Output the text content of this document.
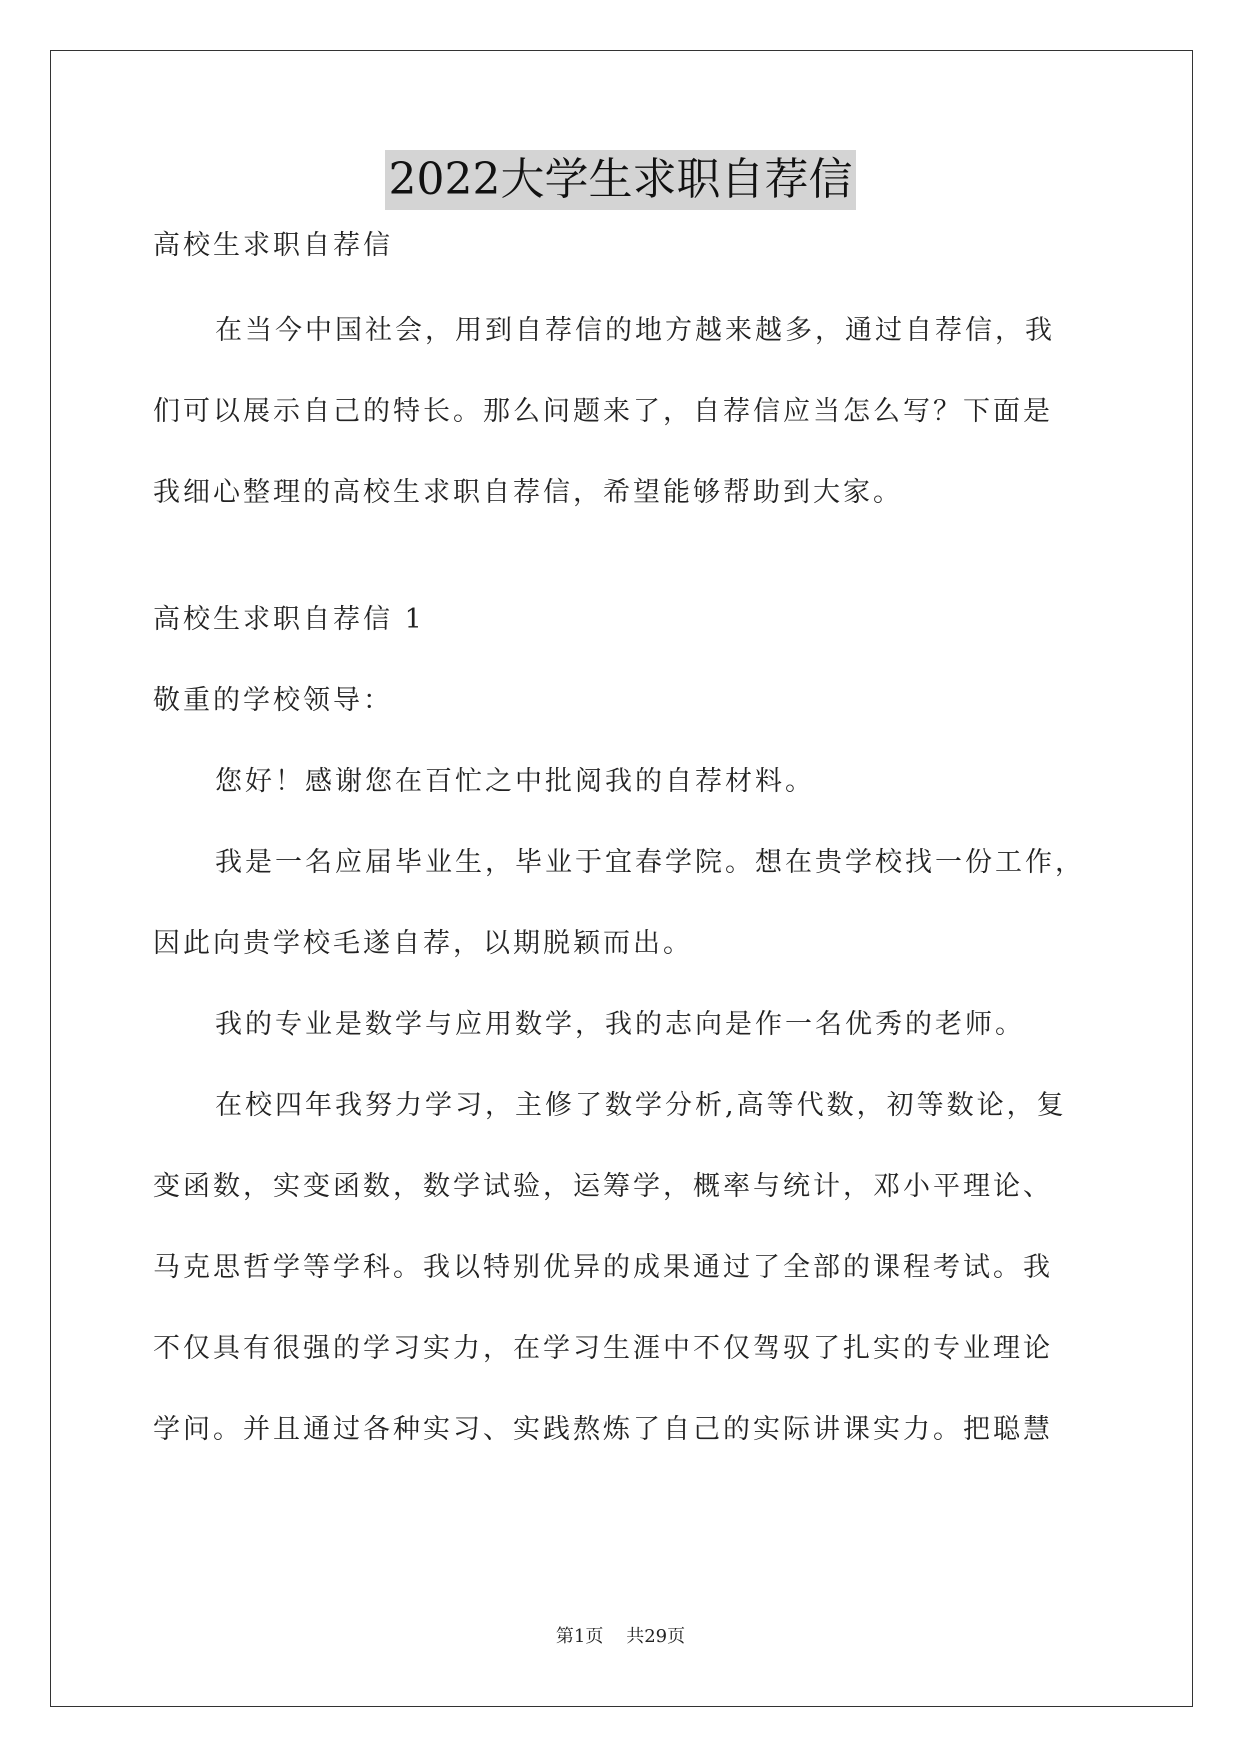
2022大学生求职自荐信
高校生求职自荐信
在当今中国社会，用到自荐信的地方越来越多，通过自荐信，我
们可以展示自己的特长。那么问题来了，自荐信应当怎么写？下面是
我细心整理的高校生求职自荐信，希望能够帮助到大家。
高校生求职自荐信 1
敬重的学校领导：
您好！感谢您在百忙之中批阅我的自荐材料。
我是一名应届毕业生，毕业于宜春学院。想在贵学校找一份工作，
因此向贵学校毛遂自荐，以期脱颖而出。
我的专业是数学与应用数学，我的志向是作一名优秀的老师。
在校四年我努力学习，主修了数学分析,高等代数，初等数论，复
变函数，实变函数，数学试验，运筹学，概率与统计，邓小平理论、
马克思哲学等学科。我以特别优异的成果通过了全部的课程考试。我
不仅具有很强的学习实力，在学习生涯中不仅驾驭了扎实的专业理论
学问。并且通过各种实习、实践熬炼了自己的实际讲课实力。把聪慧
第1页 共29页
